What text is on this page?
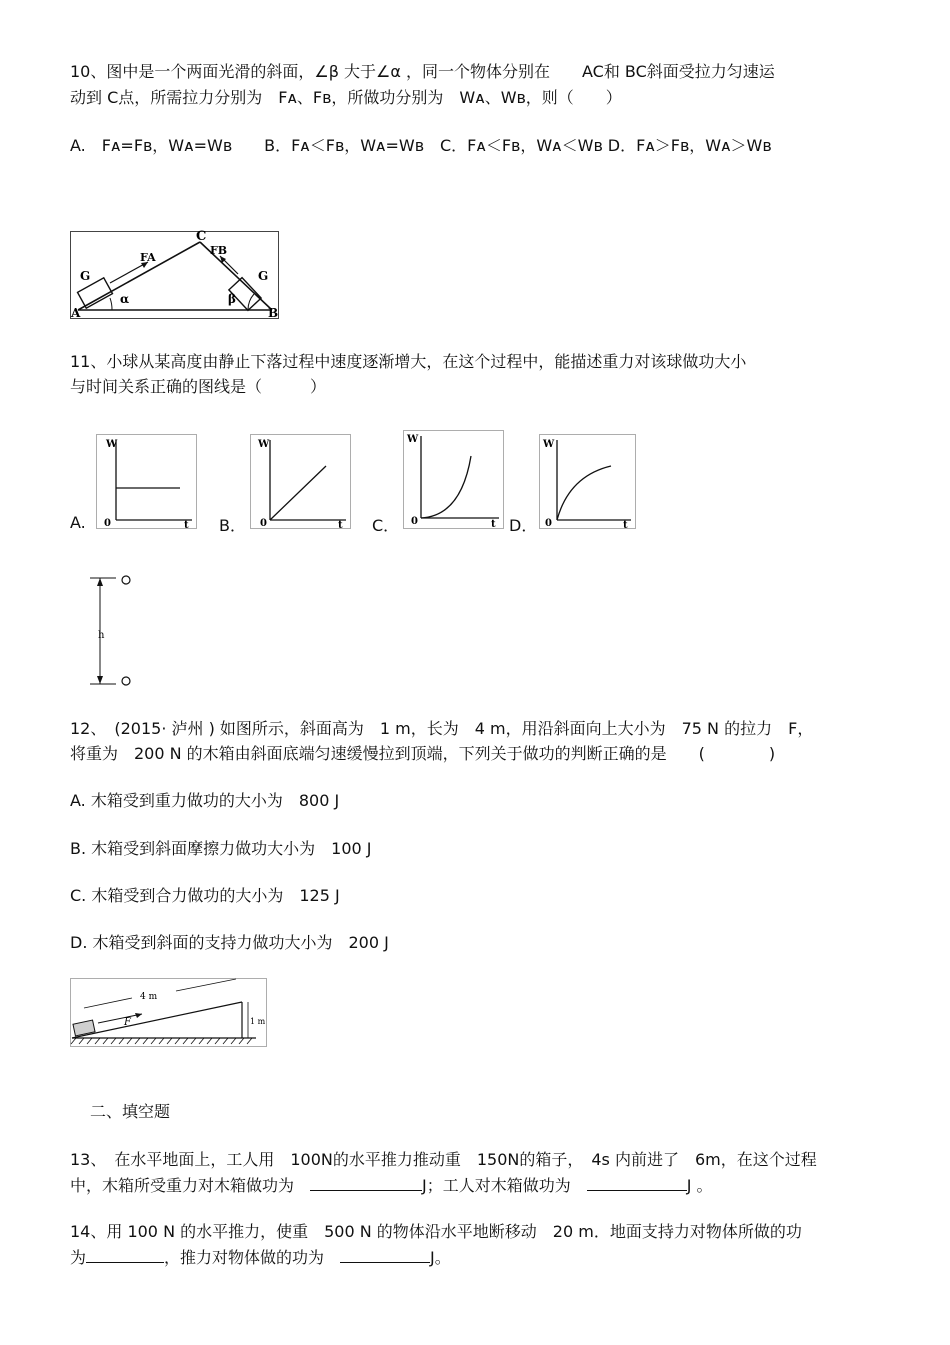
10、图中是一个两面光滑的斜面，∠β 大于∠α ，同一个物体分别在　　AC和 BC斜面受拉力匀速运
动到 C点，所需拉力分别为　Fᴀ、Fʙ，所做功分别为　Wᴀ、Wʙ，则（　　）
A.　Fᴀ=Fʙ，Wᴀ=Wʙ　　B．Fᴀ＜Fʙ，Wᴀ=Wʙ　C．Fᴀ＜Fʙ，Wᴀ＜Wʙ D．Fᴀ＞Fʙ，Wᴀ＞Wʙ
C
A	B
FA
FB
G	G
α	β
11、小球从某高度由静止下落过程中速度逐渐增大，在这个过程中，能描述重力对该球做功大小
与时间关系正确的图线是（　　　）
A.
W
t
0	B．
W
t
0	C．
W
t
0	D．
W
t
0
h
12、　(2015· 泸州 ) 如图所示，斜面高为　1 m，长为　4 m，用沿斜面向上大小为　75 N 的拉力　F，
将重为　200 N 的木箱由斜面底端匀速缓慢拉到顶端，下列关于做功的判断正确的是　　(　　　　)
A. 木箱受到重力做功的大小为　800 J
B. 木箱受到斜面摩擦力做功大小为　100 J
C. 木箱受到合力做功的大小为　125 J
D. 木箱受到斜面的支持力做功大小为　200 J
4 m
F	1 m
二、填空题
13、　在水平地面上，工人用　100N的水平推力推动重　150N的箱子，　4s 内前进了　6m，在这个过程
中，木箱所受重力对木箱做功为　	J；工人对木箱做功为　	J 。
14、用 100 N 的水平推力，使重　500 N 的物体沿水平地断移动　20 m．地面支持力对物体所做的功
为	，推力对物体做的功为　	J。
